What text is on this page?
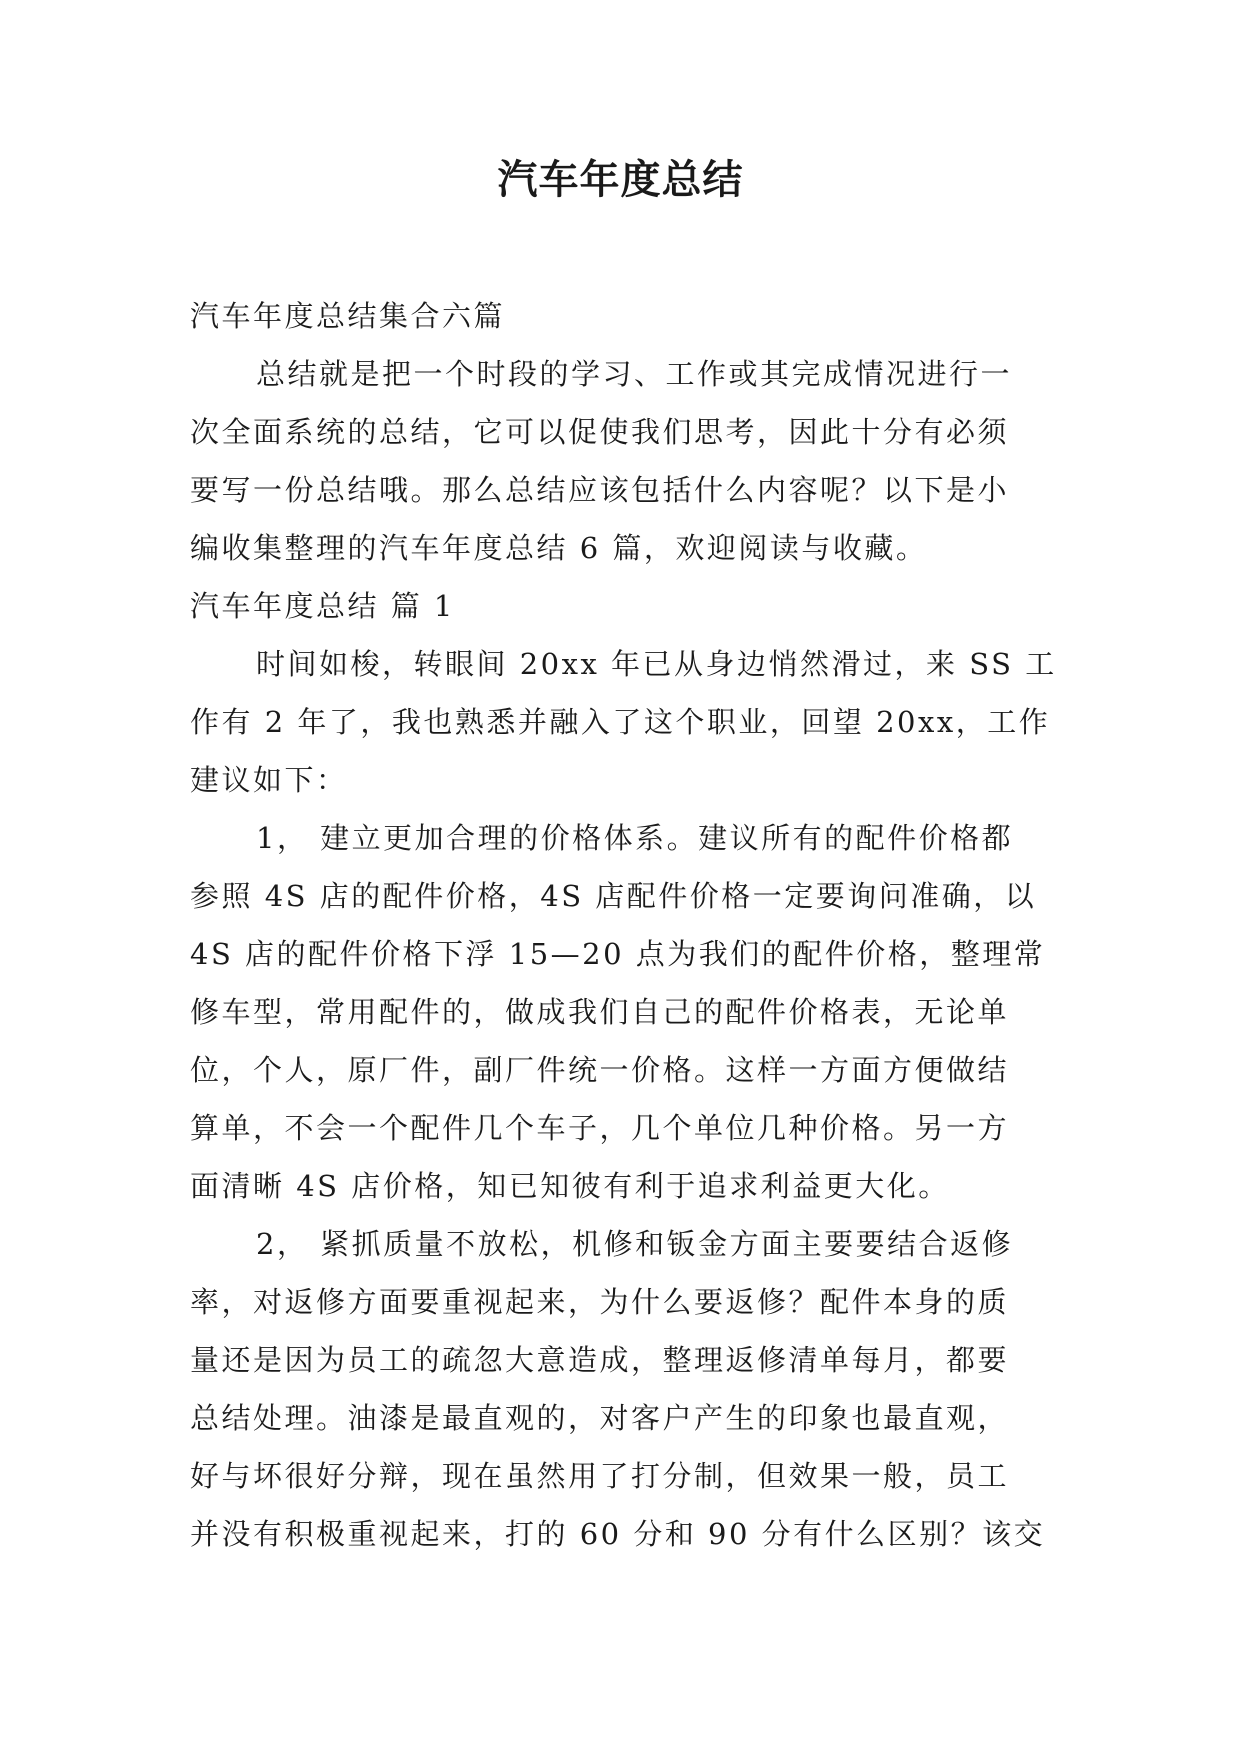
汽车年度总结

汽车年度总结集合六篇

总结就是把一个时段的学习、工作或其完成情况进行一

次全面系统的总结，它可以促使我们思考，因此十分有必须

要写一份总结哦。那么总结应该包括什么内容呢？以下是小

编收集整理的汽车年度总结 6 篇，欢迎阅读与收藏。

汽车年度总结 篇 1

时间如梭，转眼间 20xx 年已从身边悄然滑过，来 SS 工

作有 2 年了，我也熟悉并融入了这个职业，回望 20xx，工作

建议如下：

1， 建立更加合理的价格体系。建议所有的配件价格都

参照 4S 店的配件价格，4S 店配件价格一定要询问准确，以

4S 店的配件价格下浮 15—20 点为我们的配件价格，整理常

修车型，常用配件的，做成我们自己的配件价格表，无论单

位，个人，原厂件，副厂件统一价格。这样一方面方便做结

算单，不会一个配件几个车子，几个单位几种价格。另一方

面清晰 4S 店价格，知已知彼有利于追求利益更大化。

2， 紧抓质量不放松，机修和钣金方面主要要结合返修

率，对返修方面要重视起来，为什么要返修？配件本身的质

量还是因为员工的疏忽大意造成，整理返修清单每月，都要

总结处理。油漆是最直观的，对客户产生的印象也最直观，

好与坏很好分辩，现在虽然用了打分制，但效果一般，员工

并没有积极重视起来，打的 60 分和 90 分有什么区别？该交
